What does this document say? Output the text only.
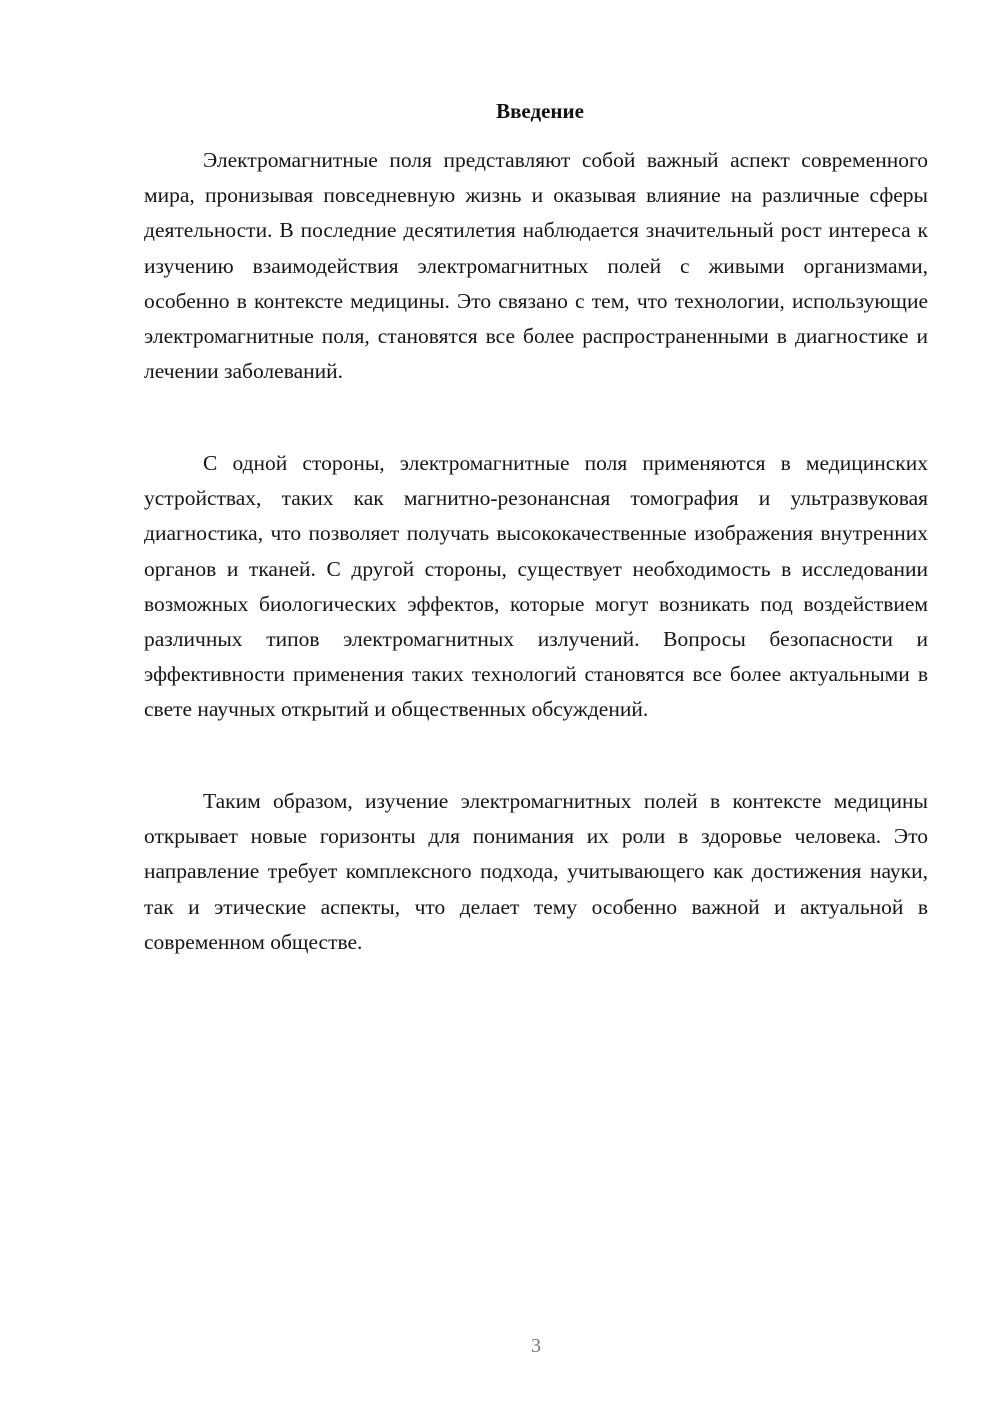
Введение

Электромагнитные поля представляют собой важный аспект современного мира, пронизывая повседневную жизнь и оказывая влияние на различные сферы деятельности. В последние десятилетия наблюдается значительный рост интереса к изучению взаимодействия электромагнитных полей с живыми организмами, особенно в контексте медицины. Это связано с тем, что технологии, использующие электромагнитные поля, становятся все более распространенными в диагностике и лечении заболеваний.

С одной стороны, электромагнитные поля применяются в медицинских устройствах, таких как магнитно-резонансная томография и ультразвуковая диагностика, что позволяет получать высококачественные изображения внутренних органов и тканей. С другой стороны, существует необходимость в исследовании возможных биологических эффектов, которые могут возникать под воздействием различных типов электромагнитных излучений. Вопросы безопасности и эффективности применения таких технологий становятся все более актуальными в свете научных открытий и общественных обсуждений.

Таким образом, изучение электромагнитных полей в контексте медицины открывает новые горизонты для понимания их роли в здоровье человека. Это направление требует комплексного подхода, учитывающего как достижения науки, так и этические аспекты, что делает тему особенно важной и актуальной в современном обществе.

3
